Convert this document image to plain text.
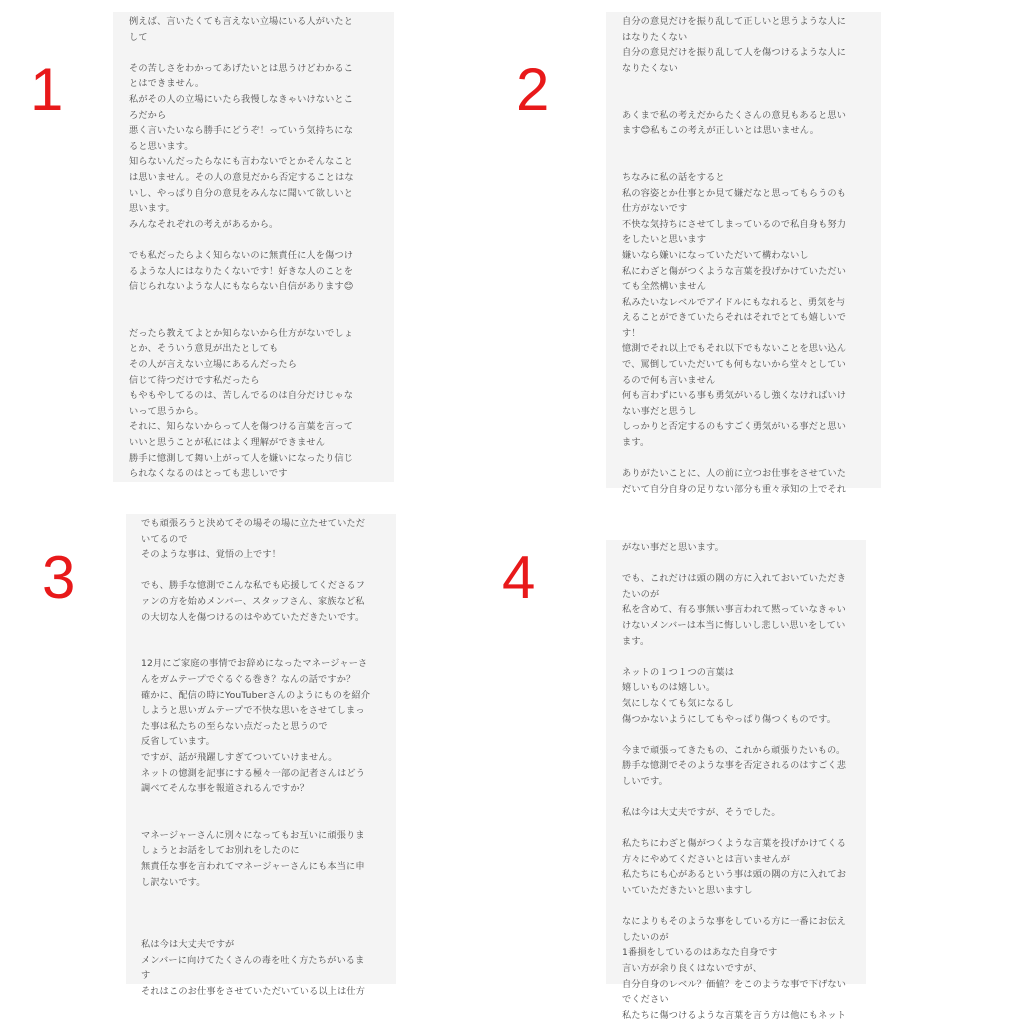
1	2
3	4
例えば、言いたくても言えない立場にいる人がいたと
して
その苦しさをわかってあげたいとは思うけどわかるこ
とはできません。
私がその人の立場にいたら我慢しなきゃいけないとこ
ろだから
悪く言いたいなら勝手にどうぞ！っていう気持ちにな
ると思います。
知らないんだったらなにも言わないでとかそんなこと
は思いません。その人の意見だから否定することはな
いし、やっぱり自分の意見をみんなに聞いて欲しいと
思います。
みんなそれぞれの考えがあるから。
でも私だったらよく知らないのに無責任に人を傷つけ
るような人にはなりたくないです！好きな人のことを
信じられないような人にもならない自信があります😊
だったら教えてよとか知らないから仕方がないでしょ
とか、そういう意見が出たとしても
その人が言えない立場にあるんだったら
信じて待つだけです私だったら
もやもやしてるのは、苦しんでるのは自分だけじゃな
いって思うから。
それに、知らないからって人を傷つける言葉を言って
いいと思うことが私にはよく理解ができません
勝手に憶測して舞い上がって人を嫌いになったり信じ
られなくなるのはとっても悲しいです
自分の意見だけを振り乱して正しいと思うような人に
はなりたくない
自分の意見だけを振り乱して人を傷つけるような人に
なりたくない
あくまで私の考えだからたくさんの意見もあると思い
ます😊私もこの考えが正しいとは思いません。
ちなみに私の話をすると
私の容姿とか仕事とか見て嫌だなと思ってもらうのも
仕方がないです
不快な気持ちにさせてしまっているので私自身も努力
をしたいと思います
嫌いなら嫌いになっていただいて構わないし
私にわざと傷がつくような言葉を投げかけていただい
ても全然構いません
私みたいなレベルでアイドルにもなれると、勇気を与
えることができていたらそれはそれでとても嬉しいで
す！
憶測でそれ以上でもそれ以下でもないことを思い込ん
で、罵倒していただいても何もないから堂々としてい
るので何も言いません
何も言わずにいる事も勇気がいるし強くなければいけ
ない事だと思うし
しっかりと否定するのもすごく勇気がいる事だと思い
ます。
ありがたいことに、人の前に立つお仕事をさせていた
だいて自分自身の足りない部分も重々承知の上でそれ
でも頑張ろうと決めてその場その場に立たせていただ
いてるので
そのような事は、覚悟の上です！
でも、勝手な憶測でこんな私でも応援してくださるフ
ァンの方を始めメンバー、スタッフさん、家族など私
の大切な人を傷つけるのはやめていただきたいです。
12月にご家庭の事情でお辞めになったマネージャーさ
んをガムテープでぐるぐる巻き？なんの話ですか？
確かに、配信の時にYouTuberさんのようにものを紹介
しようと思いガムテープで不快な思いをさせてしまっ
た事は私たちの至らない点だったと思うので
反省しています。
ですが、話が飛躍しすぎてついていけません。
ネットの憶測を記事にする極々一部の記者さんはどう
調べてそんな事を報道されるんですか？
マネージャーさんに別々になってもお互いに頑張りま
しょうとお話をしてお別れをしたのに
無責任な事を言われてマネージャーさんにも本当に申
し訳ないです。
私は今は大丈夫ですが
メンバーに向けてたくさんの毒を吐く方たちがいるま
す
それはこのお仕事をさせていただいている以上は仕方
がない事だと思います。
でも、これだけは頭の隅の方に入れておいていただき
たいのが
私を含めて、有る事無い事言われて黙っていなきゃい
けないメンバーは本当に悔しいし悲しい思いをしてい
ます。
ネットの１つ１つの言葉は
嬉しいものは嬉しい。
気にしなくても気になるし
傷つかないようにしてもやっぱり傷つくものです。
今まで頑張ってきたもの、これから頑張りたいもの。
勝手な憶測でそのような事を否定されるのはすごく悲
しいです。
私は今は大丈夫ですが、そうでした。
私たちにわざと傷がつくような言葉を投げかけてくる
方々にやめてくださいとは言いませんが
私たちにも心があるという事は頭の隅の方に入れてお
いていただきたいと思いますし
なによりもそのような事をしている方に一番にお伝え
したいのが
1番損をしているのはあなた自身です
言い方が余り良くはないですが、
自分自身のレベル？価値？をこのような事で下げない
でください
私たちに傷つけるような言葉を言う方は他にもネット
